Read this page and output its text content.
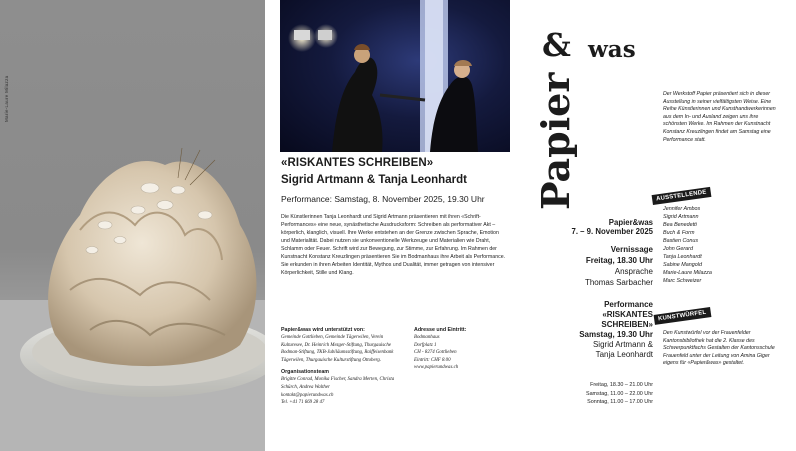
Marie-Laure Milazza
«RISKANTES SCHREIBEN»
Sigrid Artmann & Tanja Leonhardt
Performance: Samstag, 8. November 2025, 19.30 Uhr
Die Künstlerinnen Tanja Leonhardt und Sigrid Artmann präsentieren mit ihren «Schrift-Performances» eine neue, synästhetische Ausdrucksform: Schreiben als performativer Akt – körperlich, klanglich, visuell. Ihre Werke entstehen an der Grenze zwischen Sprache, Emotion und Materialität. Dabei nutzen sie unkonventionelle Werkzeuge und Materialien wie Draht, Schlamm oder Feuer. Schrift wird zur Bewegung, zur Stimme, zur Erfahrung. Im Rahmen der Kunstnacht Konstanz Kreuzlingen präsentieren Sie im Bodmanhaus ihre Arbeit als Performance. Sie erkunden in ihren Arbeiten Identität, Mythos und Dualität, immer getragen von intensiver Körperlichkeit, Stille und Klang.
Papier&was wird unterstützt von:
Gemeinde Gottlieben, Gemeinde Tägerwilen, Verein Kulturesee, Dr. Heinrich Mezger-Stiftung, Thurgauische Bodman-Stiftung, TKB-Jubiläumsstiftung, Raiffeisenbank Tägerwilen, Thurgauische Kulturstiftung Ottoberg.
Organisationsteam
Brigitte Conrad, Monika Fischer, Sandra Merten, Christa Schürch, Andrea Walther
kontakt@papierundwas.ch
Tel. +41 71 669 28 47
Adresse und Eintritt:
Bodmanhaus
Dorfplatz 1
CH - 8274 Gottlieben
Eintritt: CHF 8.00
www.papierundwas.ch
Papier
& was
Der Werkstoff Papier präsentiert sich in dieser Ausstellung in seiner vielfältigsten Weise. Eine Reihe Künstlerinnen und Kunsthandwerkerinnen aus dem In- und Ausland zeigen uns ihre schönsten Werke. Im Rahmen der Kunstnacht Konstanz Kreuzlingen findet am Samstag eine Performance statt.
AUSSTELLENDE
Jennifer Ambos
Sigrid Artmann
Bea Benedetti
Buch & Form
Bastien Conus
John Gerard
Tanja Leonhardt
Sabine Mangold
Marie-Laure Milazza
Marc Schweizer
KUNSTWÜRFEL
Den Kunstwürfel vor der Frauenfelder Kantonsbibliothek hat die 2. Klasse des Schwerpunktfachs Gestalten der Kantonsschule Frauenfeld unter der Leitung von Amina Giger eigens für «Papier&was» gestaltet.
Papier&was
7. – 9. November 2025
Vernissage
Freitag, 18.30 Uhr
Ansprache
Thomas Sarbacher
Performance
«RISKANTES
SCHREIBEN»
Samstag, 19.30 Uhr
Sigrid Artmann &
Tanja Leonhardt
Freitag, 18.30 – 21.00 Uhr
Samstag, 11.00 – 22.00 Uhr
Sonntag, 11.00 – 17.00 Uhr
